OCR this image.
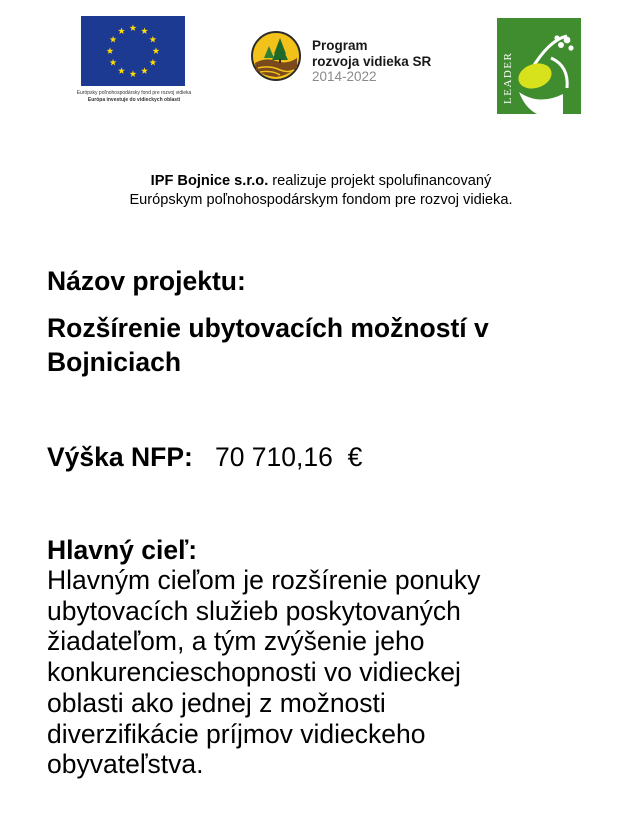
Európsky poľnohospodársky fond pre rozvoj vidieka
Európa investuje do vidieckych oblastí
Program
rozvoja vidieka SR
2014-2022	LEADER
IPF Bojnice s.r.o. realizuje projekt spolufinancovaný
Európskym poľnohospodárskym fondom pre rozvoj vidieka.
Názov projektu:
Rozšírenie ubytovacích možností v
Bojniciach
Výška NFP: 70 710,16  €
Hlavný cieľ:
Hlavným cieľom je rozšírenie ponuky
ubytovacích služieb poskytovaných
žiadateľom, a tým zvýšenie jeho
konkurencieschopnosti vo vidieckej
oblasti ako jednej z možnosti
diverzifikácie príjmov vidieckeho
obyvateľstva.
